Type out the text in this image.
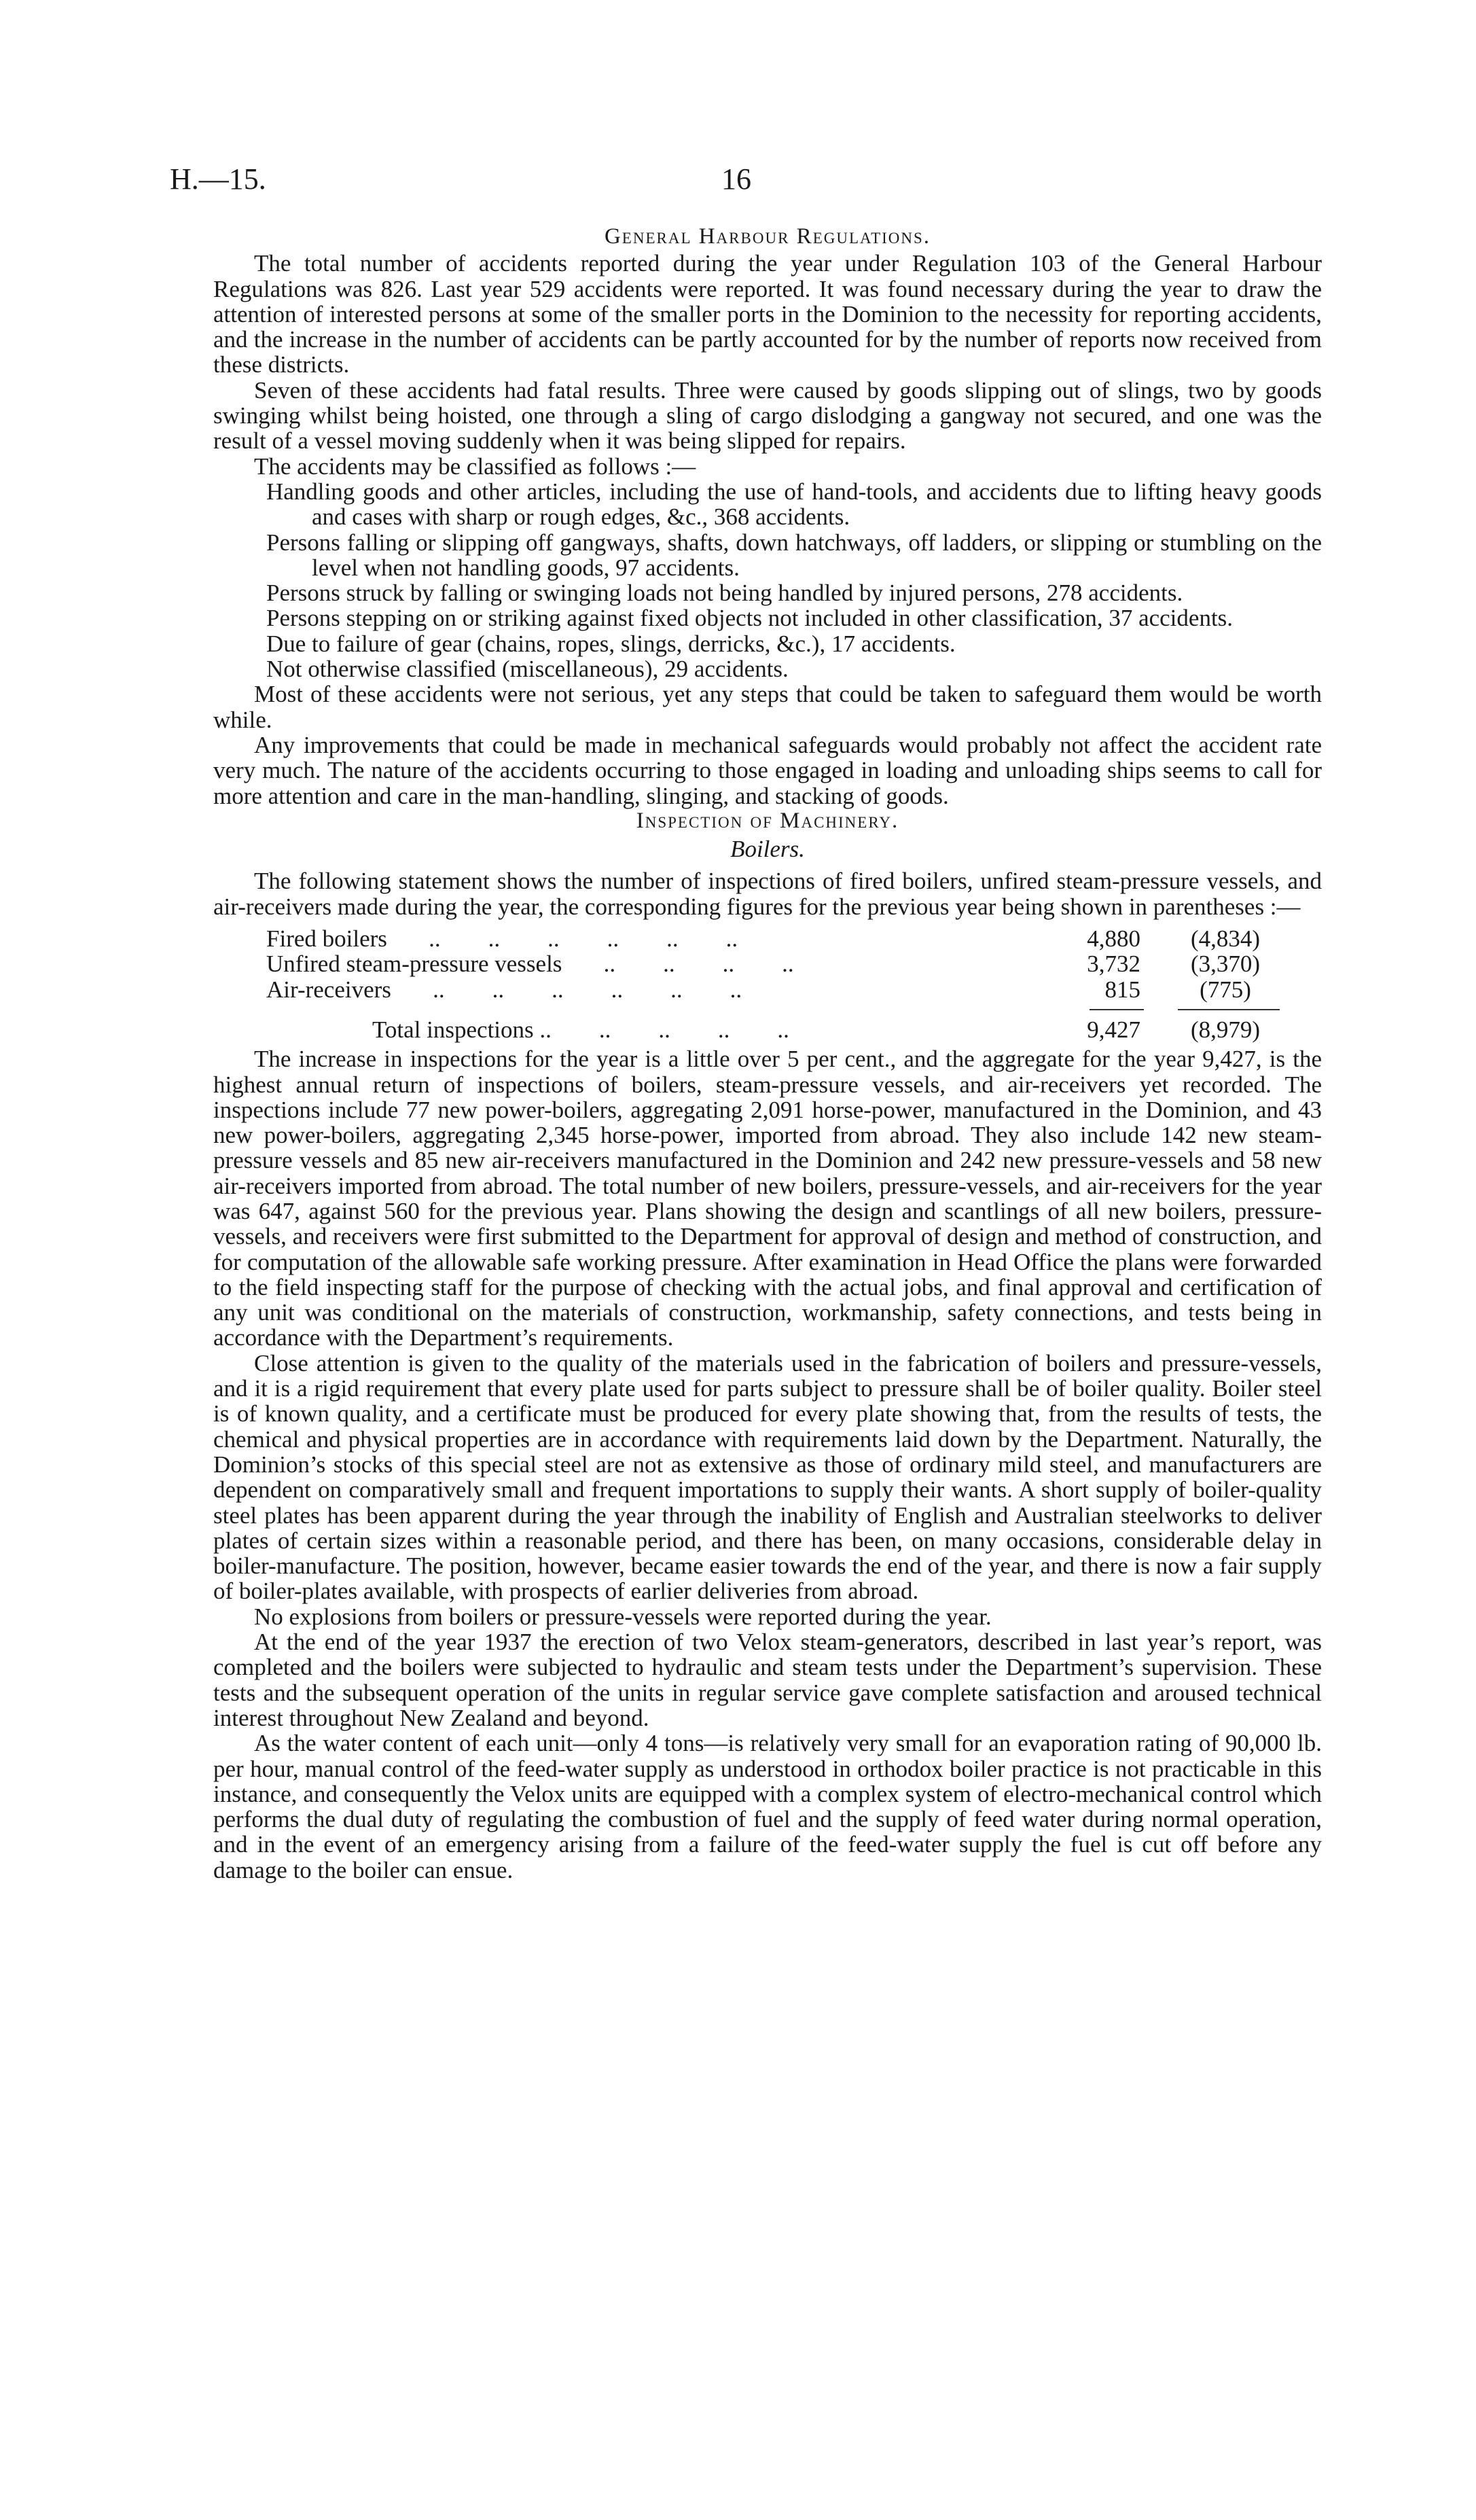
H.—15.	16
General Harbour Regulations.

The total number of accidents reported during the year under Regulation 103 of the General Harbour Regulations was 826. Last year 529 accidents were reported. It was found necessary during the year to draw the attention of interested persons at some of the smaller ports in the Dominion to the necessity for reporting accidents, and the increase in the number of accidents can be partly accounted for by the number of reports now received from these districts.

Seven of these accidents had fatal results. Three were caused by goods slipping out of slings, two by goods swinging whilst being hoisted, one through a sling of cargo dislodging a gangway not secured, and one was the result of a vessel moving suddenly when it was being slipped for repairs.

The accidents may be classified as follows :—

Handling goods and other articles, including the use of hand-tools, and accidents due to lifting heavy goods and cases with sharp or rough edges, &c., 368 accidents.
Persons falling or slipping off gangways, shafts, down hatchways, off ladders, or slipping or stumbling on the level when not handling goods, 97 accidents.
Persons struck by falling or swinging loads not being handled by injured persons, 278 accidents.
Persons stepping on or striking against fixed objects not included in other classification, 37 accidents.
Due to failure of gear (chains, ropes, slings, derricks, &c.), 17 accidents.
Not otherwise classified (miscellaneous), 29 accidents.

Most of these accidents were not serious, yet any steps that could be taken to safeguard them would be worth while.

Any improvements that could be made in mechanical safeguards would probably not affect the accident rate very much. The nature of the accidents occurring to those engaged in loading and unloading ships seems to call for more attention and care in the man-handling, slinging, and stacking of goods.

Inspection of Machinery.
Boilers.

The following statement shows the number of inspections of fired boilers, unfired steam-pressure vessels, and air-receivers made during the year, the corresponding figures for the previous year being shown in parentheses :—

Fired boilers       ..        ..        ..        ..        ..        ..	4,880	(4,834)
Unfired steam-pressure vessels       ..        ..        ..        ..	3,732	(3,370)
Air-receivers       ..        ..        ..        ..        ..        ..	815	(775)
Total inspections ..        ..        ..        ..        ..	9,427	(8,979)

The increase in inspections for the year is a little over 5 per cent., and the aggregate for the year 9,427, is the highest annual return of inspections of boilers, steam-pressure vessels, and air-receivers yet recorded. The inspections include 77 new power-boilers, aggregating 2,091 horse-power, manufactured in the Dominion, and 43 new power-boilers, aggregating 2,345 horse-power, imported from abroad. They also include 142 new steam-pressure vessels and 85 new air-receivers manufactured in the Dominion and 242 new pressure-vessels and 58 new air-receivers imported from abroad. The total number of new boilers, pressure-vessels, and air-receivers for the year was 647, against 560 for the previous year. Plans showing the design and scantlings of all new boilers, pressure-vessels, and receivers were first submitted to the Department for approval of design and method of construction, and for computation of the allowable safe working pressure. After examination in Head Office the plans were forwarded to the field inspecting staff for the purpose of checking with the actual jobs, and final approval and certification of any unit was conditional on the materials of construction, workmanship, safety connections, and tests being in accordance with the Department’s requirements.

Close attention is given to the quality of the materials used in the fabrication of boilers and pressure-vessels, and it is a rigid requirement that every plate used for parts subject to pressure shall be of boiler quality. Boiler steel is of known quality, and a certificate must be produced for every plate showing that, from the results of tests, the chemical and physical properties are in accordance with requirements laid down by the Department. Naturally, the Dominion’s stocks of this special steel are not as extensive as those of ordinary mild steel, and manufacturers are dependent on comparatively small and frequent importations to supply their wants. A short supply of boiler-quality steel plates has been apparent during the year through the inability of English and Australian steelworks to deliver plates of certain sizes within a reasonable period, and there has been, on many occasions, considerable delay in boiler-manufacture. The position, however, became easier towards the end of the year, and there is now a fair supply of boiler-plates available, with prospects of earlier deliveries from abroad.

No explosions from boilers or pressure-vessels were reported during the year.

At the end of the year 1937 the erection of two Velox steam-generators, described in last year’s report, was completed and the boilers were subjected to hydraulic and steam tests under the Department’s supervision. These tests and the subsequent operation of the units in regular service gave complete satisfaction and aroused technical interest throughout New Zealand and beyond.

As the water content of each unit—only 4 tons—is relatively very small for an evaporation rating of 90,000 lb. per hour, manual control of the feed-water supply as understood in orthodox boiler practice is not practicable in this instance, and consequently the Velox units are equipped with a complex system of electro-mechanical control which performs the dual duty of regulating the combustion of fuel and the supply of feed water during normal operation, and in the event of an emergency arising from a failure of the feed-water supply the fuel is cut off before any damage to the boiler can ensue.
